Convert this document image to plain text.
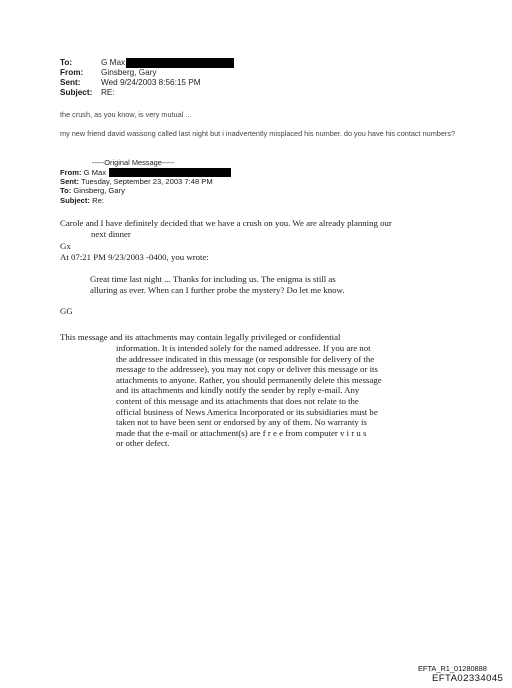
To:	G Max
From:	Ginsberg, Gary
Sent:	Wed 9/24/2003 8:56:15 PM
Subject:	RE:
the crush, as you know, is very mutual ...
my new friend david wassong called last night but i inadvertently misplaced his number. do you have his contact numbers?
-----Original Message-----
From: G Max
Sent: Tuesday, September 23, 2003 7:48 PM
To: Ginsberg, Gary
Subject: Re:
Carole and I have definitely decided that we have a crush on you. We are already planning our
next dinner
Gx
At 07:21 PM 9/23/2003 -0400, you wrote:
Great time last night ... Thanks for including us. The enigma is still as
alluring as ever. When can I further probe the mystery? Do let me know.
GG
This message and its attachments may contain legally privileged or confidential
information. It is intended solely for the named addressee. If you are not
the addressee indicated in this message (or responsible for delivery of the
message to the addressee), you may not copy or deliver this message or its
attachments to anyone. Rather, you should permanently delete this message
and its attachments and kindly notify the sender by reply e-mail. Any
content of this message and its attachments that does not relate to the
official business of News America Incorporated or its subsidiaries must be
taken not to have been sent or endorsed by any of them. No warranty is
made that the e-mail or attachment(s) are f r e e from computer v i r u s
or other defect.
EFTA_R1_01280888
EFTA02334045
